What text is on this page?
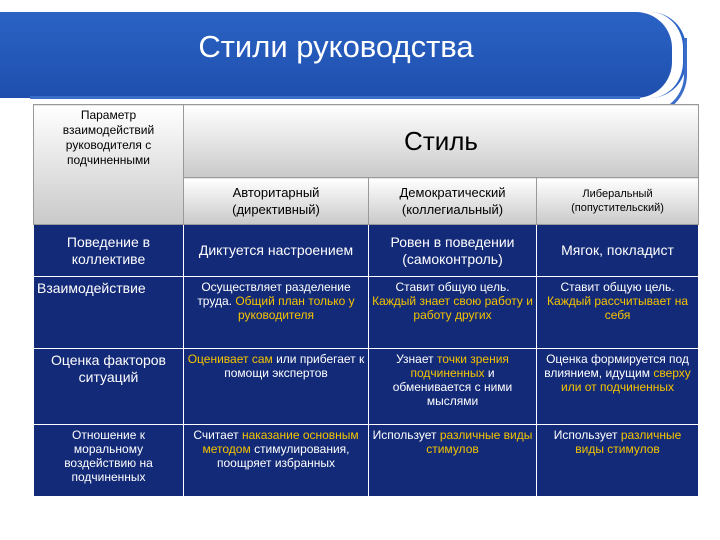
Стили руководства
Параметр взаимодействий руководителя с подчиненными	Стиль		
	Авторитарный (директивный)	Демократический (коллегиальный)	Либеральный (попустительский)
Поведение в коллективе	Диктуется настроением	Ровен в поведении (самоконтроль)	Мягок, покладист
Взаимодействие	Осуществляет разделение труда. Общий план только у руководителя	Ставит общую цель. Каждый знает свою работу и работу других	Ставит общую цель. Каждый рассчитывает на себя
Оценка факторов ситуаций	Оценивает сам или прибегает к помощи экспертов	Узнает точки зрения подчиненных и обменивается с ними мыслями	Оценка формируется под влиянием, идущим сверху или от подчиненных
Отношение к моральному воздействию на подчиненных	Считает наказание основным методом стимулирования, поощряет избранных	Использует различные виды стимулов	Использует различные виды стимулов
